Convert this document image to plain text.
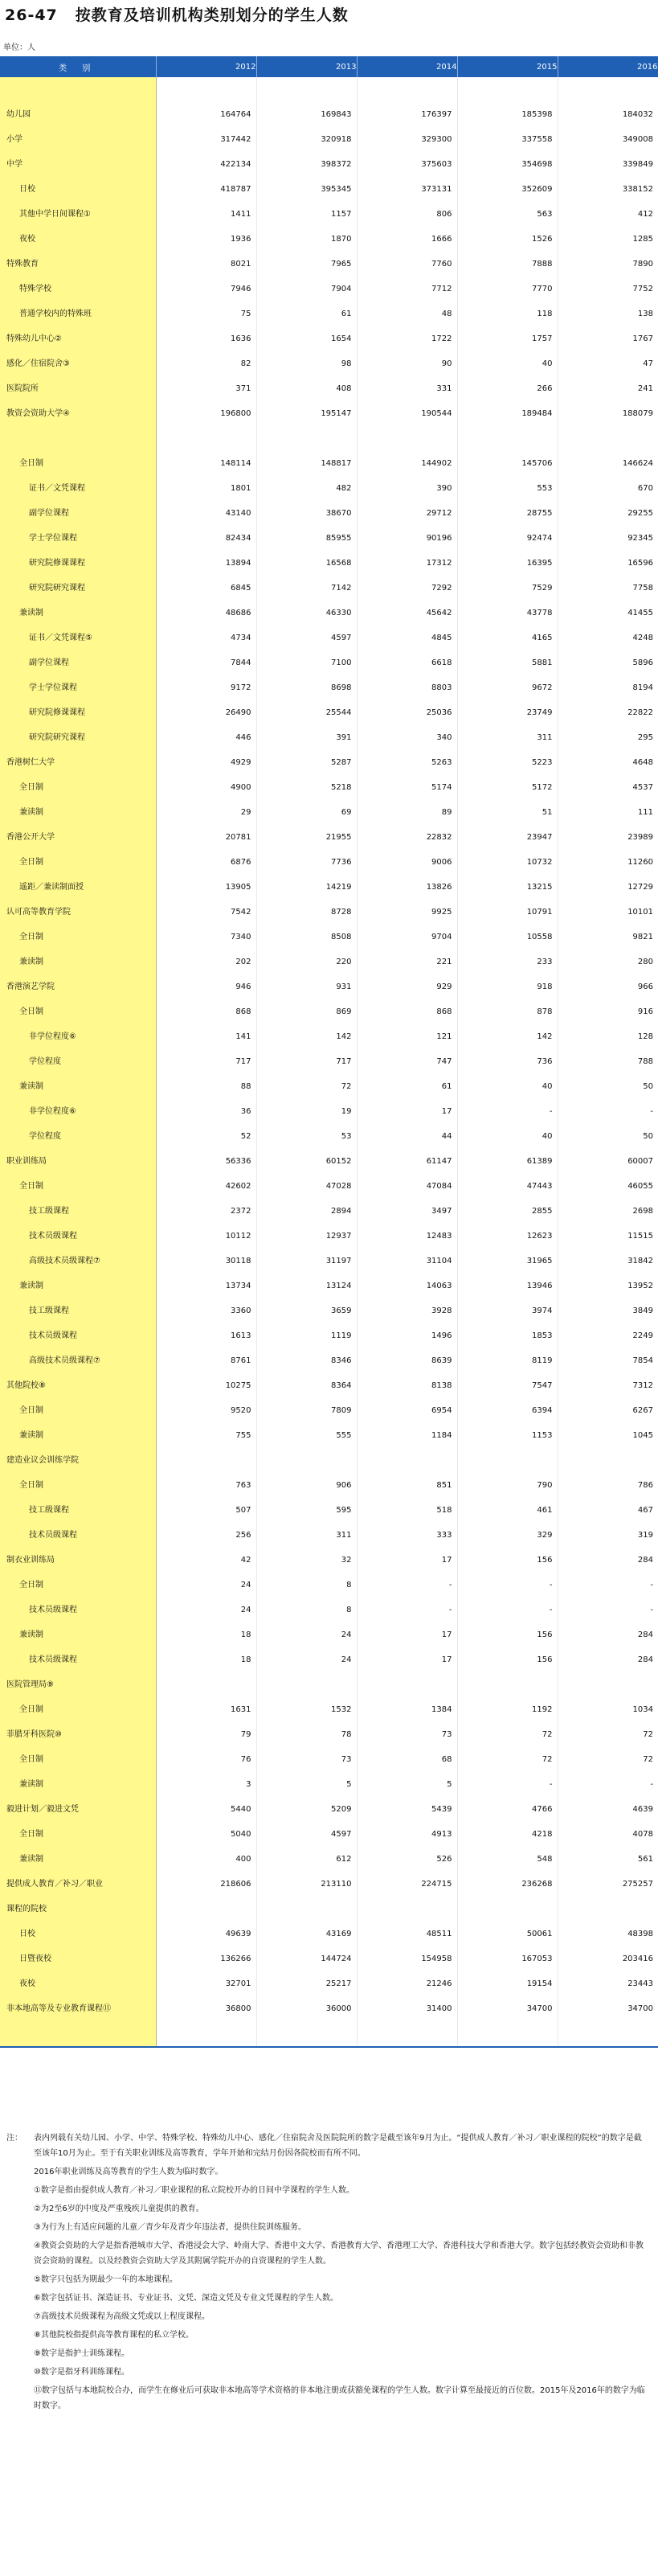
26-47 按教育及培训机构类别划分的学生人数
单位：人
类 别	2012	2013	2014	2015	2016

幼儿园	164764	169843	176397	185398	184032
小学	317442	320918	329300	337558	349008
中学	422134	398372	375603	354698	339849
日校	418787	395345	373131	352609	338152
其他中学日间课程①	1411	1157	806	563	412
夜校	1936	1870	1666	1526	1285
特殊教育	8021	7965	7760	7888	7890
特殊学校	7946	7904	7712	7770	7752
普通学校内的特殊班	75	61	48	118	138
特殊幼儿中心②	1636	1654	1722	1757	1767
感化／住宿院舍③	82	98	90	40	47
医院院所	371	408	331	266	241
教资会资助大学④	196800	195147	190544	189484	188079

全日制	148114	148817	144902	145706	146624
证书／文凭课程	1801	482	390	553	670
副学位课程	43140	38670	29712	28755	29255
学士学位课程	82434	85955	90196	92474	92345
研究院修课课程	13894	16568	17312	16395	16596
研究院研究课程	6845	7142	7292	7529	7758
兼读制	48686	46330	45642	43778	41455
证书／文凭课程⑤	4734	4597	4845	4165	4248
副学位课程	7844	7100	6618	5881	5896
学士学位课程	9172	8698	8803	9672	8194
研究院修课课程	26490	25544	25036	23749	22822
研究院研究课程	446	391	340	311	295
香港树仁大学	4929	5287	5263	5223	4648
全日制	4900	5218	5174	5172	4537
兼读制	29	69	89	51	111
香港公开大学	20781	21955	22832	23947	23989
全日制	6876	7736	9006	10732	11260
遥距／兼读制面授	13905	14219	13826	13215	12729
认可高等教育学院	7542	8728	9925	10791	10101
全日制	7340	8508	9704	10558	9821
兼读制	202	220	221	233	280
香港演艺学院	946	931	929	918	966
全日制	868	869	868	878	916
非学位程度⑥	141	142	121	142	128
学位程度	717	717	747	736	788
兼读制	88	72	61	40	50
非学位程度⑥	36	19	17	-	-
学位程度	52	53	44	40	50
职业训练局	56336	60152	61147	61389	60007
全日制	42602	47028	47084	47443	46055
技工级课程	2372	2894	3497	2855	2698
技术员级课程	10112	12937	12483	12623	11515
高级技术员级课程⑦	30118	31197	31104	31965	31842
兼读制	13734	13124	14063	13946	13952
技工级课程	3360	3659	3928	3974	3849
技术员级课程	1613	1119	1496	1853	2249
高级技术员级课程⑦	8761	8346	8639	8119	7854
其他院校⑧	10275	8364	8138	7547	7312
全日制	9520	7809	6954	6394	6267
兼读制	755	555	1184	1153	1045
建造业议会训练学院					
全日制	763	906	851	790	786
技工级课程	507	595	518	461	467
技术员级课程	256	311	333	329	319
制衣业训练局	42	32	17	156	284
全日制	24	8	-	-	-
技术员级课程	24	8	-	-	-
兼读制	18	24	17	156	284
技术员级课程	18	24	17	156	284
医院管理局⑨					
全日制	1631	1532	1384	1192	1034
菲腊牙科医院⑩	79	78	73	72	72
全日制	76	73	68	72	72
兼读制	3	5	5	-	-
毅进计划／毅进文凭	5440	5209	5439	4766	4639
全日制	5040	4597	4913	4218	4078
兼读制	400	612	526	548	561
提供成人教育／补习／职业	218606	213110	224715	236268	275257
课程的院校					
日校	49639	43169	48511	50061	48398
日暨夜校	136266	144724	154958	167053	203416
夜校	32701	25217	21246	19154	23443
非本地高等及专业教育课程⑪	36800	36000	31400	34700	34700

注： 表内列载有关幼儿园、小学、中学、特殊学校、特殊幼儿中心、感化／住宿院舍及医院院所的数字是截至该年9月为止。“提供成人教育／补习／职业课程的院校”的数字是截至该年10月为止。至于有关职业训练及高等教育，学年开始和完结月份因各院校而有所不同。
2016年职业训练及高等教育的学生人数为临时数字。
①数字是指由提供成人教育／补习／职业课程的私立院校开办的日间中学课程的学生人数。
②为2至6岁的中度及严重残疾儿童提供的教育。
③为行为上有适应问题的儿童／青少年及青少年违法者，提供住院训练服务。
④教资会资助的大学是指香港城市大学、香港浸会大学、岭南大学、香港中文大学、香港教育大学、香港理工大学、香港科技大学和香港大学。数字包括经教资会资助和非教资会资助的课程。以及经教资会资助大学及其附属学院开办的自资课程的学生人数。
⑤数字只包括为期最少一年的本地课程。
⑥数字包括证书、深造证书、专业证书、文凭、深造文凭及专业文凭课程的学生人数。
⑦高级技术员级课程为高级文凭或以上程度课程。
⑧其他院校指提供高等教育课程的私立学校。
⑨数字是指护士训练课程。
⑩数字是指牙科训练课程。
⑪数字包括与本地院校合办，而学生在修业后可获取非本地高等学术资格的非本地注册或获豁免课程的学生人数。数字计算至最接近的百位数。2015年及2016年的数字为临时数字。
